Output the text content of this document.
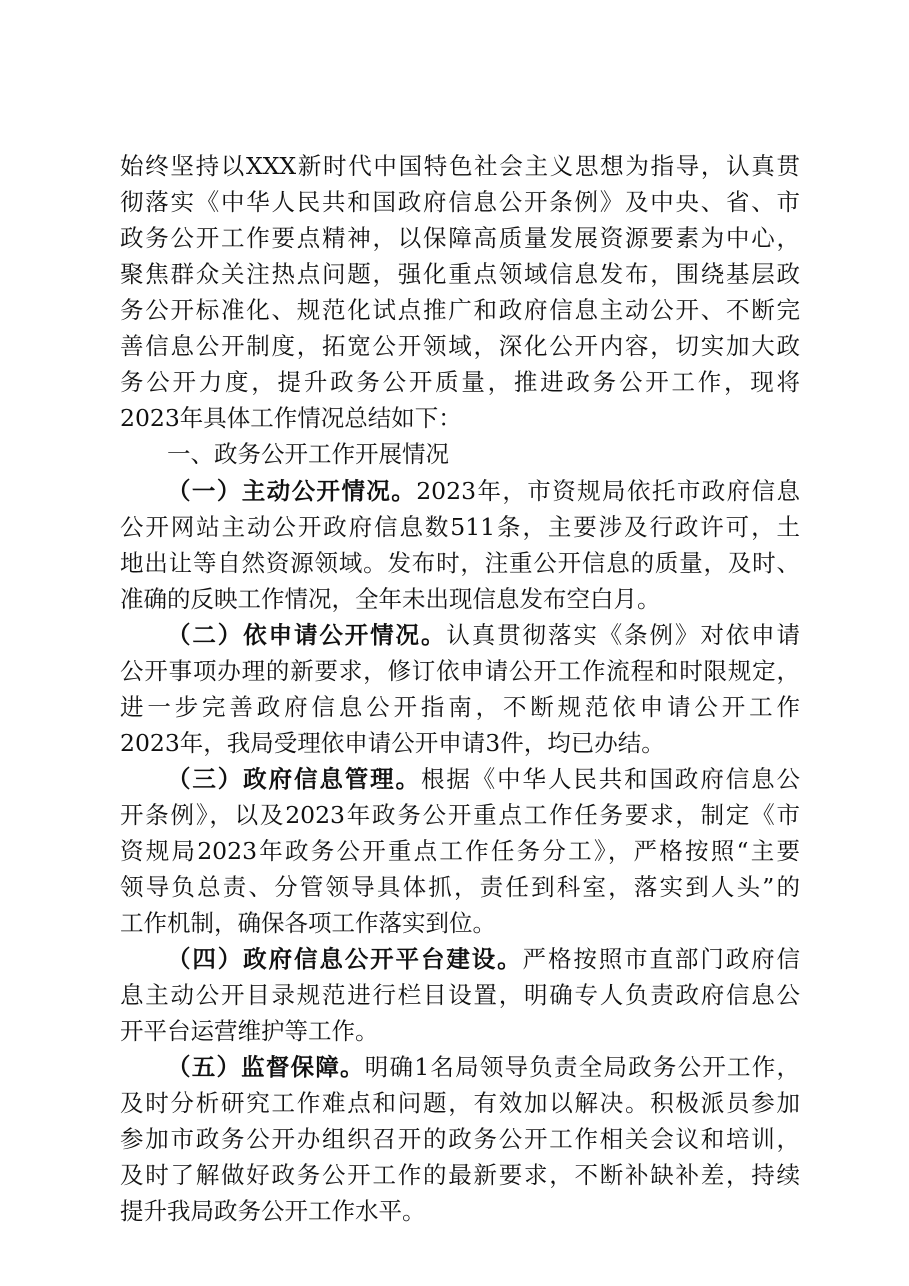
始终坚持以XXX新时代中国特色社会主义思想为指导，认真贯
彻落实《中华人民共和国政府信息公开条例》及中央、省、市
政务公开工作要点精神，以保障高质量发展资源要素为中心，
聚焦群众关注热点问题，强化重点领域信息发布，围绕基层政
务公开标准化、规范化试点推广和政府信息主动公开、不断完
善信息公开制度，拓宽公开领域，深化公开内容，切实加大政
务公开力度，提升政务公开质量，推进政务公开工作，现将
2023年具体工作情况总结如下：
一、政务公开工作开展情况
（一）主动公开情况。2023年，市资规局依托市政府信息
公开网站主动公开政府信息数511条，主要涉及行政许可，土
地出让等自然资源领域。发布时，注重公开信息的质量，及时、
准确的反映工作情况，全年未出现信息发布空白月。
（二）依申请公开情况。认真贯彻落实《条例》对依申请
公开事项办理的新要求，修订依申请公开工作流程和时限规定，
进一步完善政府信息公开指南，不断规范依申请公开工作
2023年，我局受理依申请公开申请3件，均已办结。
（三）政府信息管理。根据《中华人民共和国政府信息公
开条例》，以及2023年政务公开重点工作任务要求，制定《市
资规局2023年政务公开重点工作任务分工》，严格按照“主要
领导负总责、分管领导具体抓，责任到科室，落实到人头”的
工作机制，确保各项工作落实到位。
（四）政府信息公开平台建设。严格按照市直部门政府信
息主动公开目录规范进行栏目设置，明确专人负责政府信息公
开平台运营维护等工作。
（五）监督保障。明确1名局领导负责全局政务公开工作，
及时分析研究工作难点和问题，有效加以解决。积极派员参加
参加市政务公开办组织召开的政务公开工作相关会议和培训，
及时了解做好政务公开工作的最新要求，不断补缺补差，持续
提升我局政务公开工作水平。
